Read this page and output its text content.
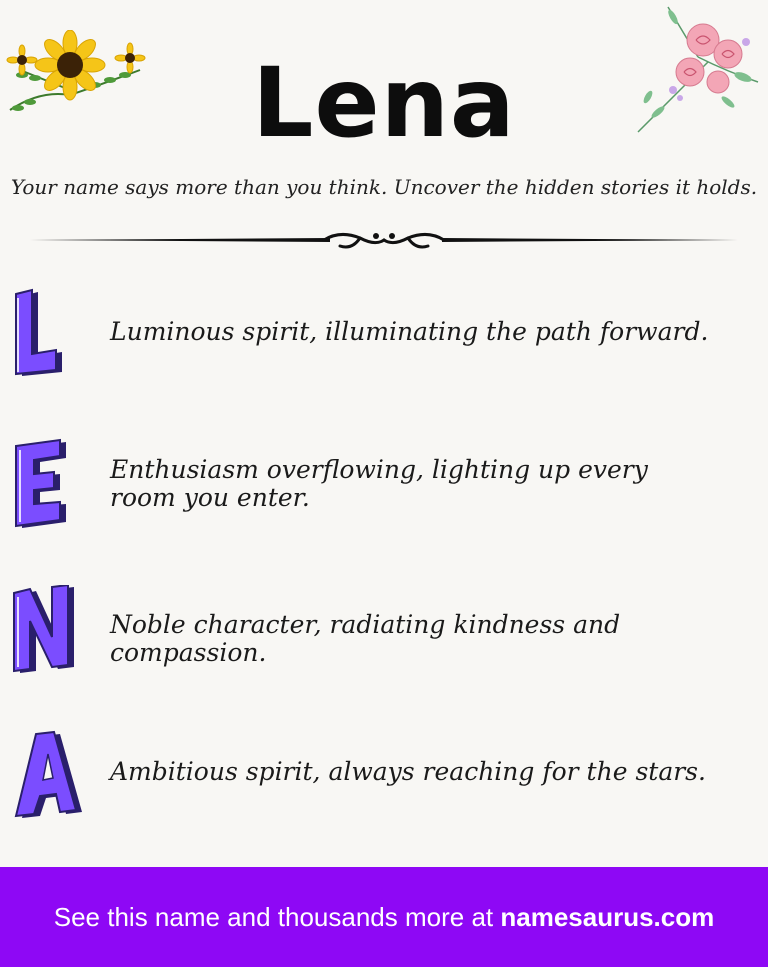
Lena
Your name says more than you think. Uncover the hidden stories it holds.
Luminous spirit, illuminating the path forward.
Enthusiasm overflowing, lighting up every room you enter.
Noble character, radiating kindness and compassion.
Ambitious spirit, always reaching for the stars.
See this name and thousands more at namesaurus.com
